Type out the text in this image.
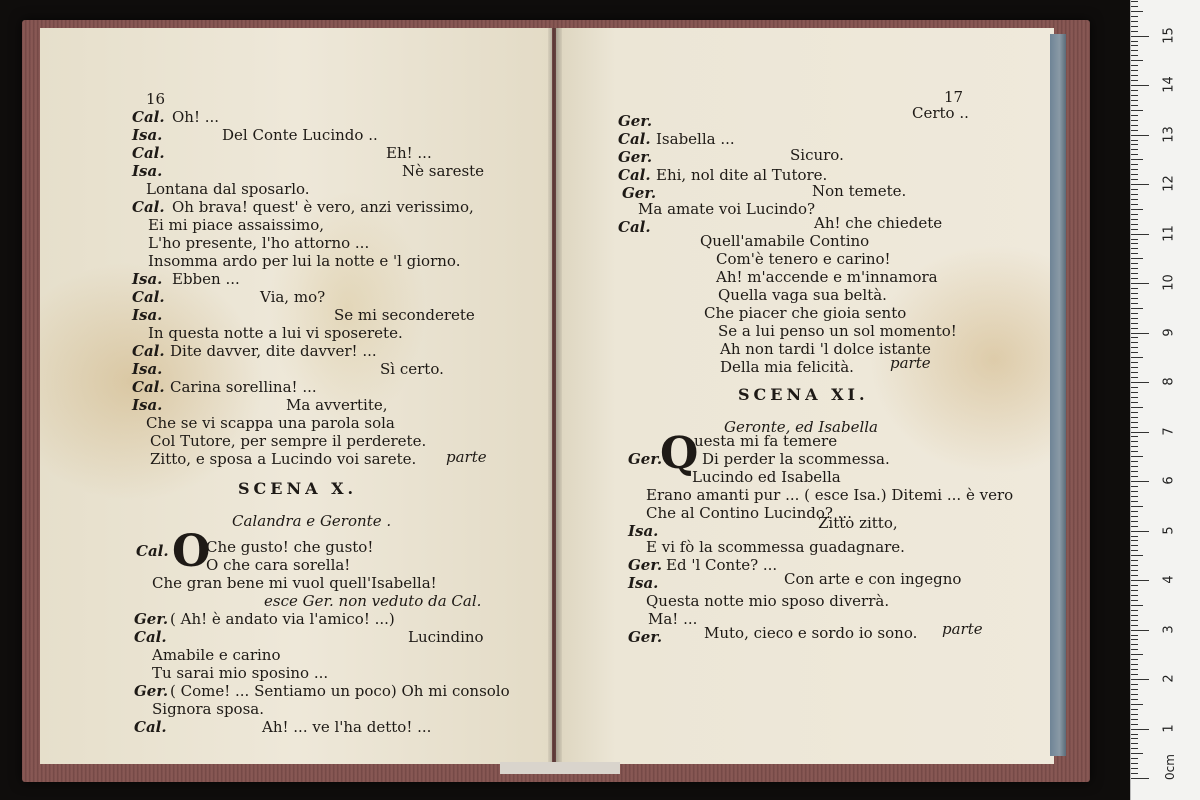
16
Cal. Oh! ...
Isa.	Del Conte Lucindo ..
Cal.	Eh! ...
Isa.	Nè sareste
Lontana dal sposarlo.
Cal. Oh brava! quest' è vero, anzi verissimo,
Ei mi piace assaissimo,
L'ho presente, l'ho attorno ...
Insomma ardo per lui la notte e 'l giorno.
Isa. Ebben ...
Cal.	Via, mo?
Isa.	Se mi seconderete
In questa notte a lui vi sposerete.
Cal. Dite davver, dite davver! ...
Isa.	Sì certo.
Cal. Carina sorellina! ...
Isa.	Ma avvertite,
Che se vi scappa una parola sola
Col Tutore, per sempre il perderete.
Zitto, e sposa a Lucindo voi sarete. parte
SCENA X.
Calandra e Geronte .
Cal. O
Che gusto! che gusto!
O che cara sorella!
Che gran bene mi vuol quell'Isabella!
esce Ger. non veduto da Cal.
Ger. ( Ah! è andato via l'amico! ...)
Cal.	Lucindino
Amabile e carino
Tu sarai mio sposino ...
Ger. ( Come! ... Sentiamo un poco) Oh mi consolo
Signora sposa.
Cal.	Ah! ... ve l'ha detto! ...
17
Certo ..
Ger.
Cal. Isabella ...
Ger.	Sicuro.
Cal. Ehi, nol dite al Tutore.
Ger.	Non temete.
Ma amate voi Lucindo?
Cal.	Ah! che chiedete
Quell'amabile Contino
Com'è tenero e carino!
Ah! m'accende e m'innamora
Quella vaga sua beltà.
Che piacer che gioia sento
Se a lui penso un sol momento!
Ah non tardi 'l dolce istante
Della mia felicità. parte
SCENA XI.
Geronte, ed Isabella
Ger.
Q
uesta mi fa temere
Di perder la scommessa.
Lucindo ed Isabella
Erano amanti pur ... ( esce Isa.) Ditemi ... è vero
Che al Contino Lucindo? ...
Isa.	Zitto zitto,
E vi fò la scommessa guadagnare.
Ger. Ed 'l Conte? ...
Isa.	Con arte e con ingegno
Questa notte mio sposo diverrà.
Ma! ...
Ger.	Muto, cieco e sordo io sono. parte
0cm
1
2
3
4
5
6
7
8
9
10
11
12
13
14
15
